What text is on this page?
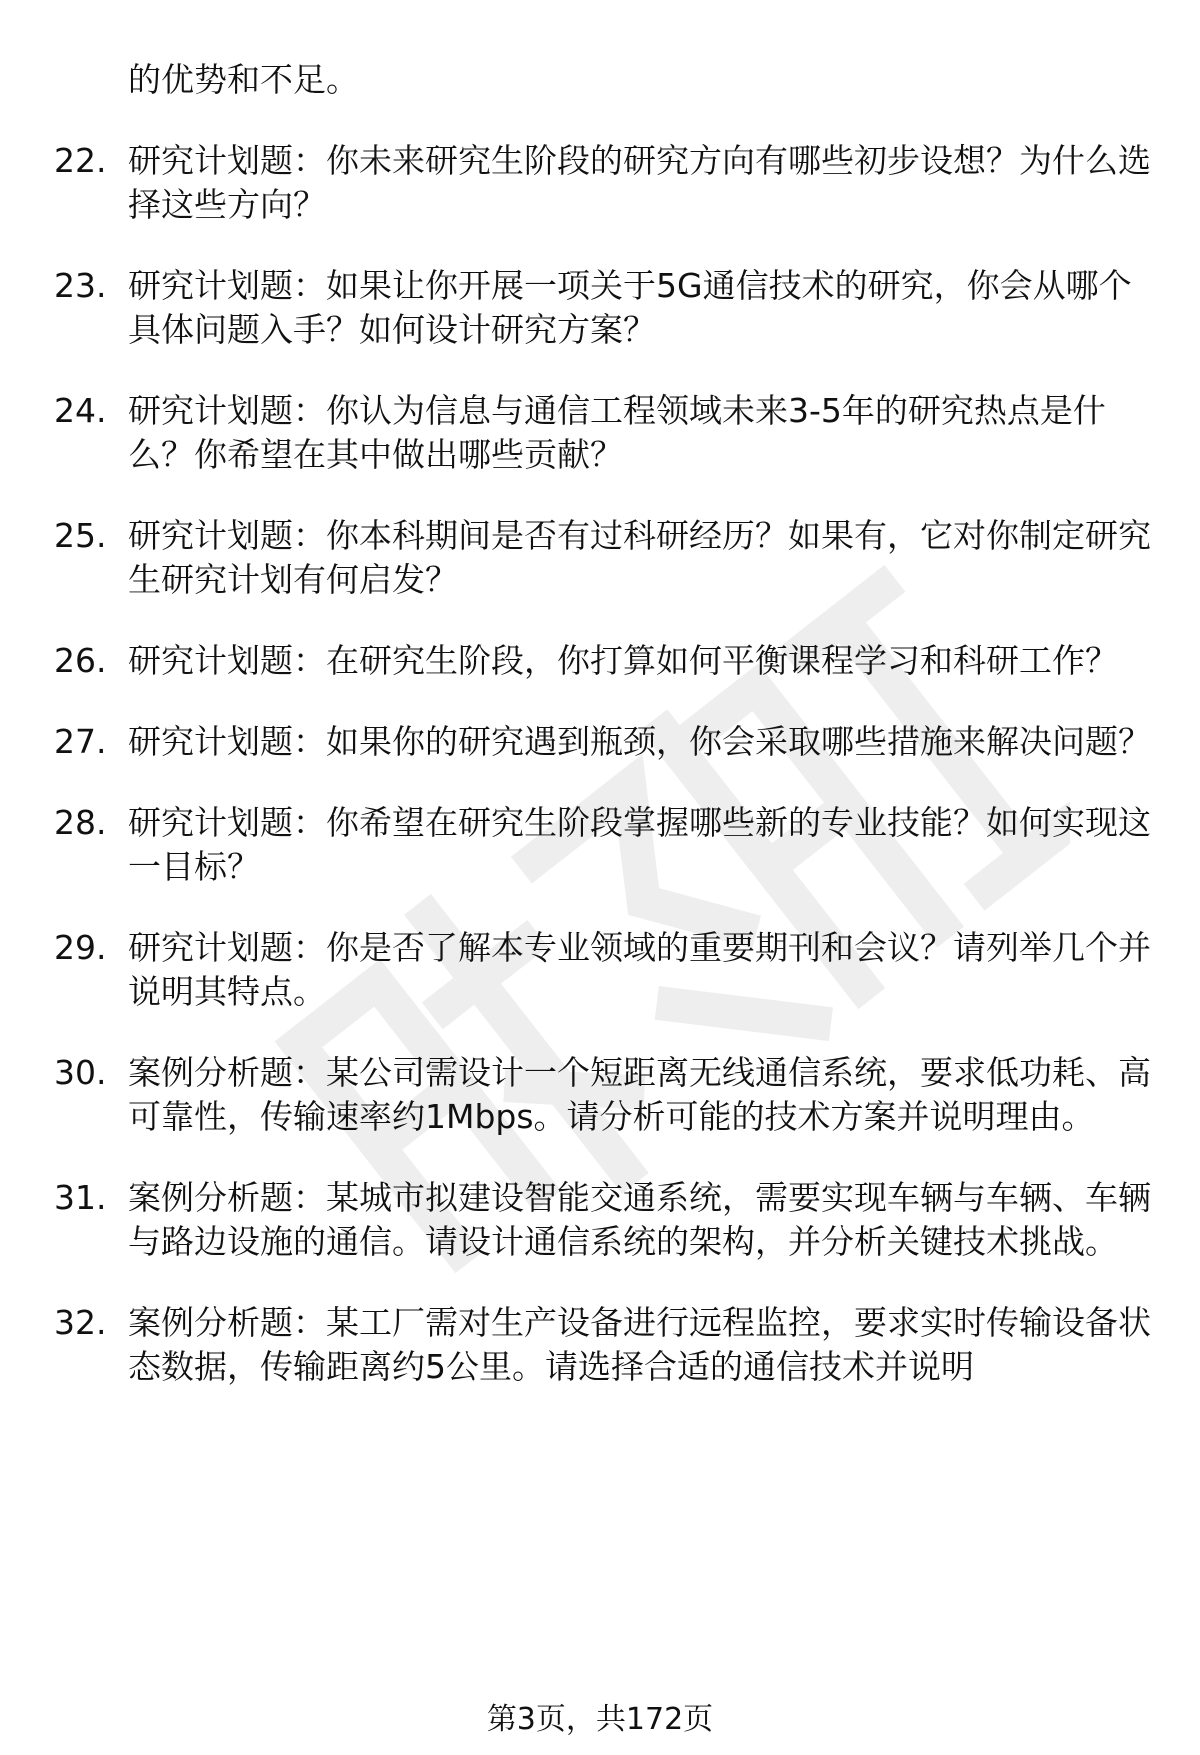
的优势和不足。
22. 研究计划题：你未来研究生阶段的研究方向有哪些初步设想？为什么选择这些方向？
23. 研究计划题：如果让你开展一项关于5G通信技术的研究，你会从哪个具体问题入手？如何设计研究方案？
24. 研究计划题：你认为信息与通信工程领域未来3-5年的研究热点是什么？你希望在其中做出哪些贡献？
25. 研究计划题：你本科期间是否有过科研经历？如果有，它对你制定研究生研究计划有何启发？
26. 研究计划题：在研究生阶段，你打算如何平衡课程学习和科研工作？
27. 研究计划题：如果你的研究遇到瓶颈，你会采取哪些措施来解决问题？
28. 研究计划题：你希望在研究生阶段掌握哪些新的专业技能？如何实现这一目标？
29. 研究计划题：你是否了解本专业领域的重要期刊和会议？请列举几个并说明其特点。
30. 案例分析题：某公司需设计一个短距离无线通信系统，要求低功耗、高可靠性，传输速率约1Mbps。请分析可能的技术方案并说明理由。
31. 案例分析题：某城市拟建设智能交通系统，需要实现车辆与车辆、车辆与路边设施的通信。请设计通信系统的架构，并分析关键技术挑战。
32. 案例分析题：某工厂需对生产设备进行远程监控，要求实时传输设备状态数据，传输距离约5公里。请选择合适的通信技术并说明
第3页，共172页
